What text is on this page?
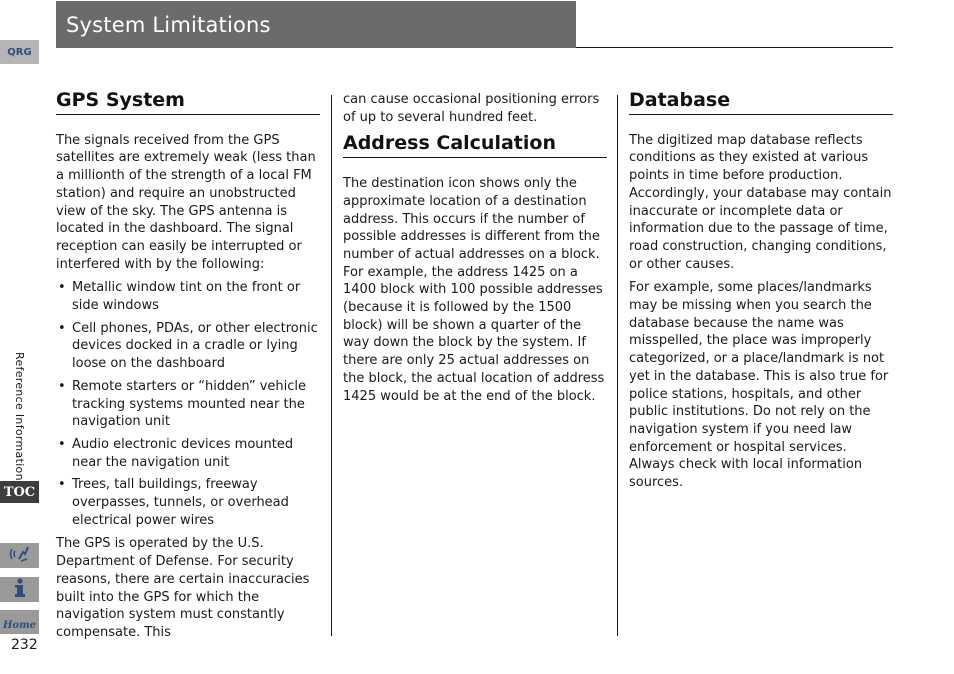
System Limitations
QRG
Reference Information
TOC
Home
232
GPS System

The signals received from the GPS satellites are extremely weak (less than a millionth of the strength of a local FM station) and require an unobstructed view of the sky. The GPS antenna is located in the dashboard. The signal reception can easily be interrupted or interfered with by the following:

• Metallic window tint on the front or side windows
• Cell phones, PDAs, or other electronic devices docked in a cradle or lying loose on the dashboard
• Remote starters or “hidden” vehicle tracking systems mounted near the navigation unit
• Audio electronic devices mounted near the navigation unit
• Trees, tall buildings, freeway overpasses, tunnels, or overhead electrical power wires

The GPS is operated by the U.S. Department of Defense. For security reasons, there are certain inaccuracies built into the GPS for which the navigation system must constantly compensate. This

can cause occasional positioning errors of up to several hundred feet.

Address Calculation

The destination icon shows only the approximate location of a destination address. This occurs if the number of possible addresses is different from the number of actual addresses on a block. For example, the address 1425 on a 1400 block with 100 possible addresses (because it is followed by the 1500 block) will be shown a quarter of the way down the block by the system. If there are only 25 actual addresses on the block, the actual location of address 1425 would be at the end of the block.

Database

The digitized map database reflects conditions as they existed at various points in time before production. Accordingly, your database may contain inaccurate or incomplete data or information due to the passage of time, road construction, changing conditions, or other causes.

For example, some places/landmarks may be missing when you search the database because the name was misspelled, the place was improperly categorized, or a place/landmark is not yet in the database. This is also true for police stations, hospitals, and other public institutions. Do not rely on the navigation system if you need law enforcement or hospital services. Always check with local information sources.
